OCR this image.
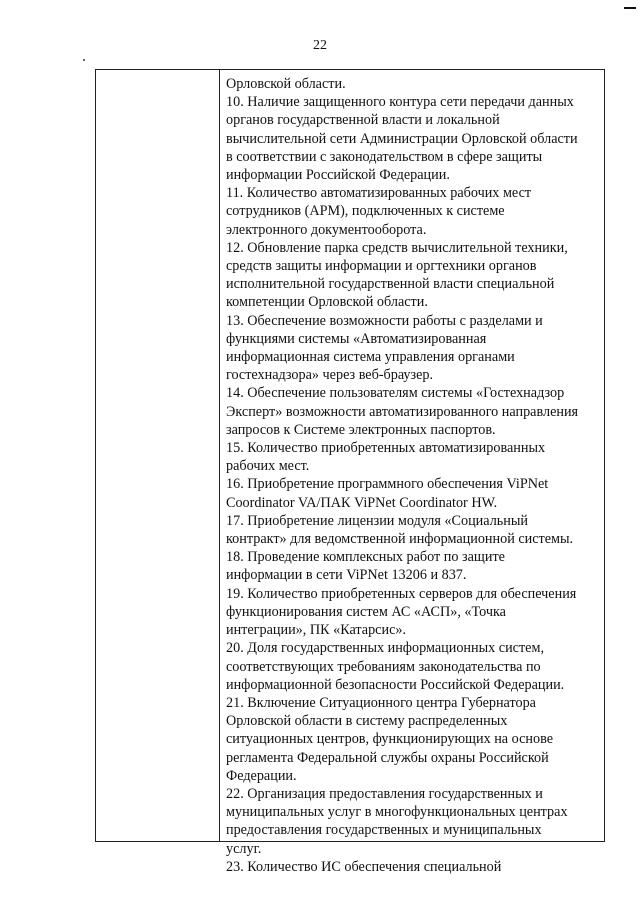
22
Орловской области.
10. Наличие защищенного контура сети передачи данных
органов государственной власти и локальной
вычислительной сети Администрации Орловской области
в соответствии с законодательством в сфере защиты
информации Российской Федерации.
11. Количество автоматизированных рабочих мест
сотрудников (АРМ), подключенных к системе
электронного документооборота.
12. Обновление парка средств вычислительной техники,
средств защиты информации и оргтехники органов
исполнительной государственной власти специальной
компетенции Орловской области.
13. Обеспечение возможности работы с разделами и
функциями системы «Автоматизированная
информационная система управления органами
гостехнадзора» через веб-браузер.
14. Обеспечение пользователям системы «Гостехнадзор
Эксперт» возможности автоматизированного направления
запросов к Системе электронных паспортов.
15. Количество приобретенных автоматизированных
рабочих мест.
16. Приобретение программного обеспечения ViPNet
Coordinator VA/ПАК ViPNet Coordinator HW.
17. Приобретение лицензии модуля «Социальный
контракт» для ведомственной информационной системы.
18. Проведение комплексных работ по защите
информации в сети ViPNet 13206 и 837.
19. Количество приобретенных серверов для обеспечения
функционирования систем АС «АСП», «Точка
интеграции», ПК «Катарсис».
20. Доля государственных информационных систем,
соответствующих требованиям законодательства по
информационной безопасности Российской Федерации.
21. Включение Ситуационного центра Губернатора
Орловской области в систему распределенных
ситуационных центров, функционирующих на основе
регламента Федеральной службы охраны Российской
Федерации.
22. Организация предоставления государственных и
муниципальных услуг в многофункциональных центрах
предоставления государственных и муниципальных
услуг.
23. Количество ИС обеспечения специальной
